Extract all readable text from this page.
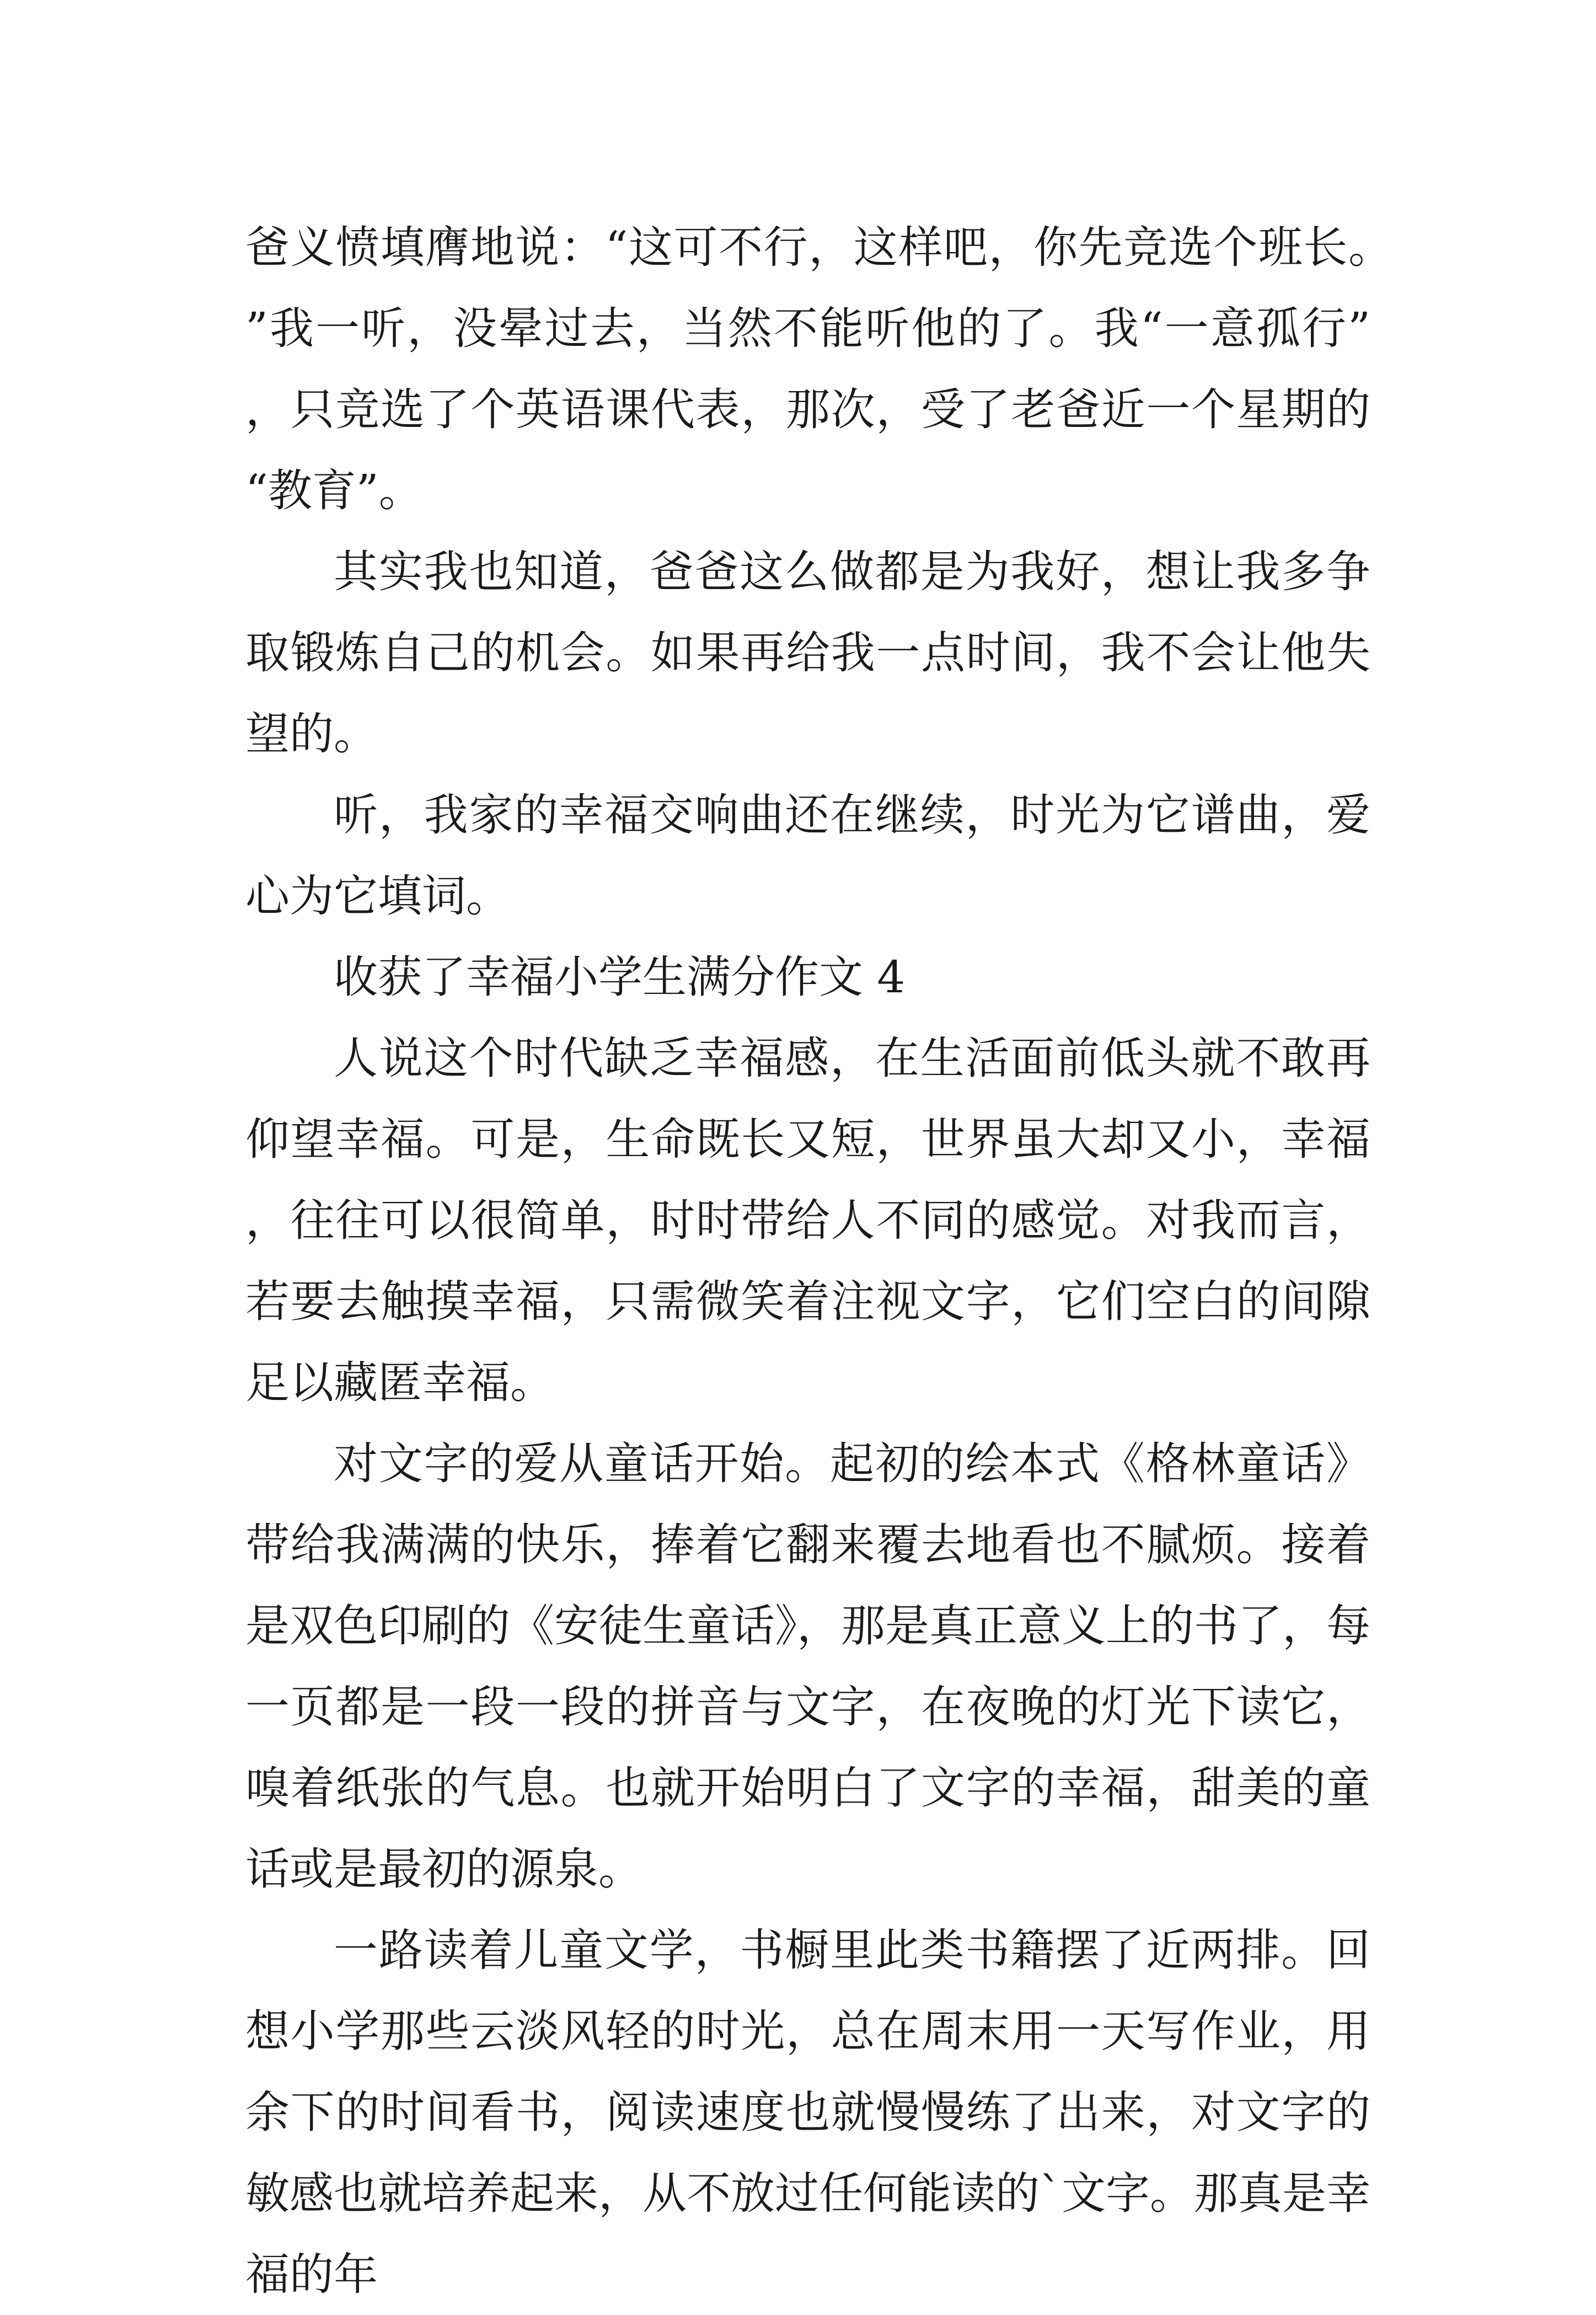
爸义愤填膺地说：“这可不行，这样吧，你先竞选个班长。”我一听，没晕过去，当然不能听他的了。我“一意孤行”，只竞选了个英语课代表，那次，受了老爸近一个星期的“教育”。

其实我也知道，爸爸这么做都是为我好，想让我多争取锻炼自己的机会。如果再给我一点时间，我不会让他失望的。

听，我家的幸福交响曲还在继续，时光为它谱曲，爱心为它填词。

收获了幸福小学生满分作文 4

人说这个时代缺乏幸福感，在生活面前低头就不敢再仰望幸福。可是，生命既长又短，世界虽大却又小，幸福，往往可以很简单，时时带给人不同的感觉。对我而言，若要去触摸幸福，只需微笑着注视文字，它们空白的间隙足以藏匿幸福。

对文字的爱从童话开始。起初的绘本式《格林童话》带给我满满的快乐，捧着它翻来覆去地看也不腻烦。接着是双色印刷的《安徒生童话》，那是真正意义上的书了，每一页都是一段一段的拼音与文字，在夜晚的灯光下读它，嗅着纸张的气息。也就开始明白了文字的幸福，甜美的童话或是最初的源泉。

一路读着儿童文学，书橱里此类书籍摆了近两排。回想小学那些云淡风轻的时光，总在周末用一天写作业，用余下的时间看书，阅读速度也就慢慢练了出来，对文字的敏感也就培养起来，从不放过任何能读的`文字。那真是幸福的年
